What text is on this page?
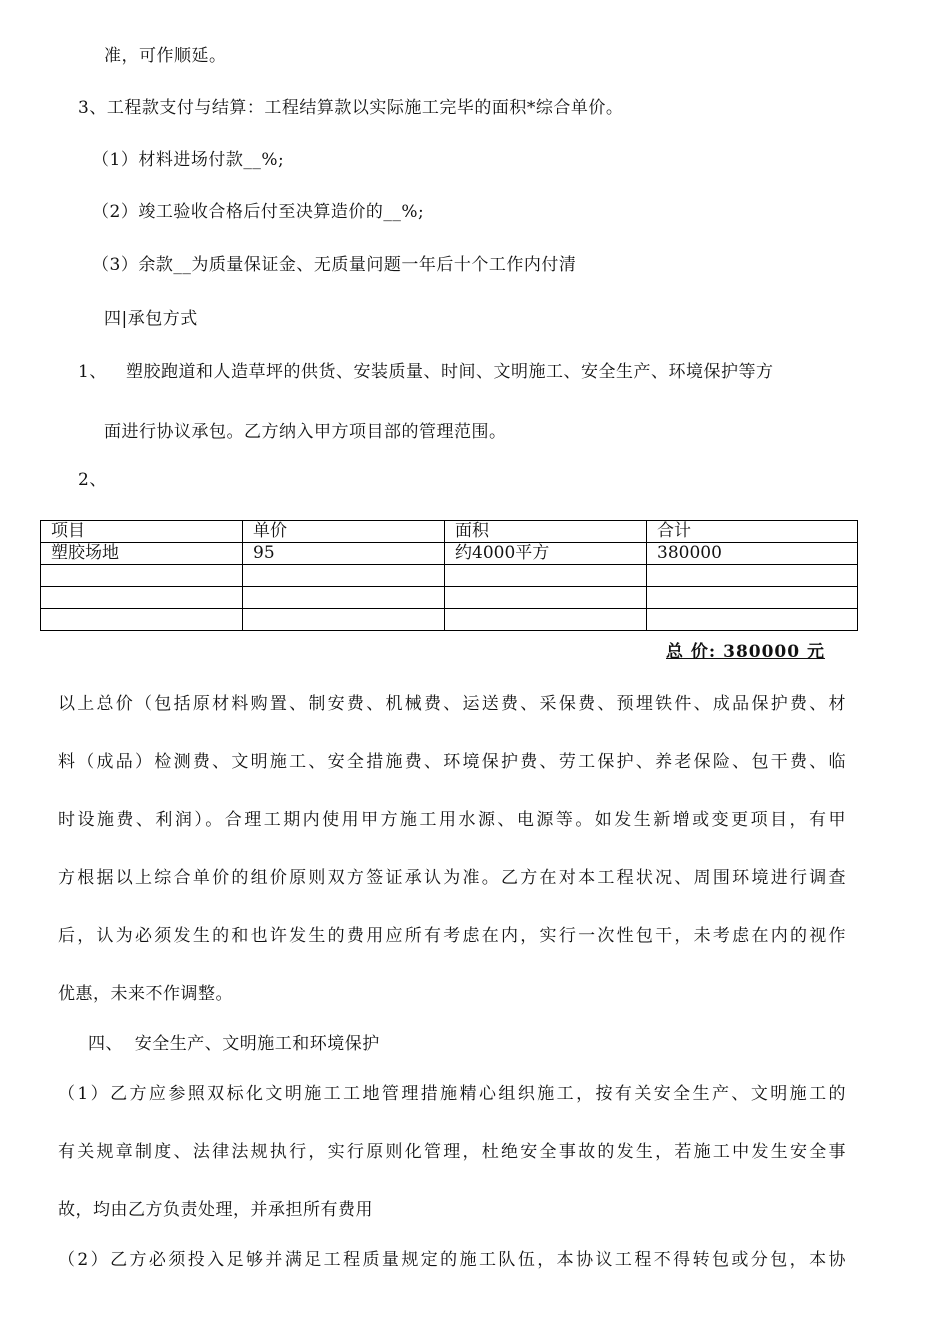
准，可作顺延。
3、工程款支付与结算：工程结算款以实际施工完毕的面积*综合单价。
（1）材料进场付款__%;
（2）竣工验收合格后付至决算造价的__%;
（3）余款__为质量保证金、无质量问题一年后十个工作内付清
四|承包方式
1、 塑胶跑道和人造草坪的供货、安装质量、时间、文明施工、安全生产、环境保护等方
面进行协议承包。乙方纳入甲方项目部的管理范围。
2、
项目	单价	面积	合计
塑胶场地	95	约4000平方	380000

总 价: 380000 元
以上总价（包括原材料购置、制安费、机械费、运送费、采保费、预埋铁件、成品保护费、材
料（成品）检测费、文明施工、安全措施费、环境保护费、劳工保护、养老保险、包干费、临
时设施费、利润）。合理工期内使用甲方施工用水源、电源等。如发生新增或变更项目，有甲
方根据以上综合单价的组价原则双方签证承认为准。乙方在对本工程状况、周围环境进行调查
后，认为必须发生的和也许发生的费用应所有考虑在内，实行一次性包干，未考虑在内的视作
优惠，未来不作调整。
四、  安全生产、文明施工和环境保护
（1）乙方应参照双标化文明施工工地管理措施精心组织施工，按有关安全生产、文明施工的
有关规章制度、法律法规执行，实行原则化管理，杜绝安全事故的发生，若施工中发生安全事
故，均由乙方负责处理，并承担所有费用
（2）乙方必须投入足够并满足工程质量规定的施工队伍，本协议工程不得转包或分包，本协
